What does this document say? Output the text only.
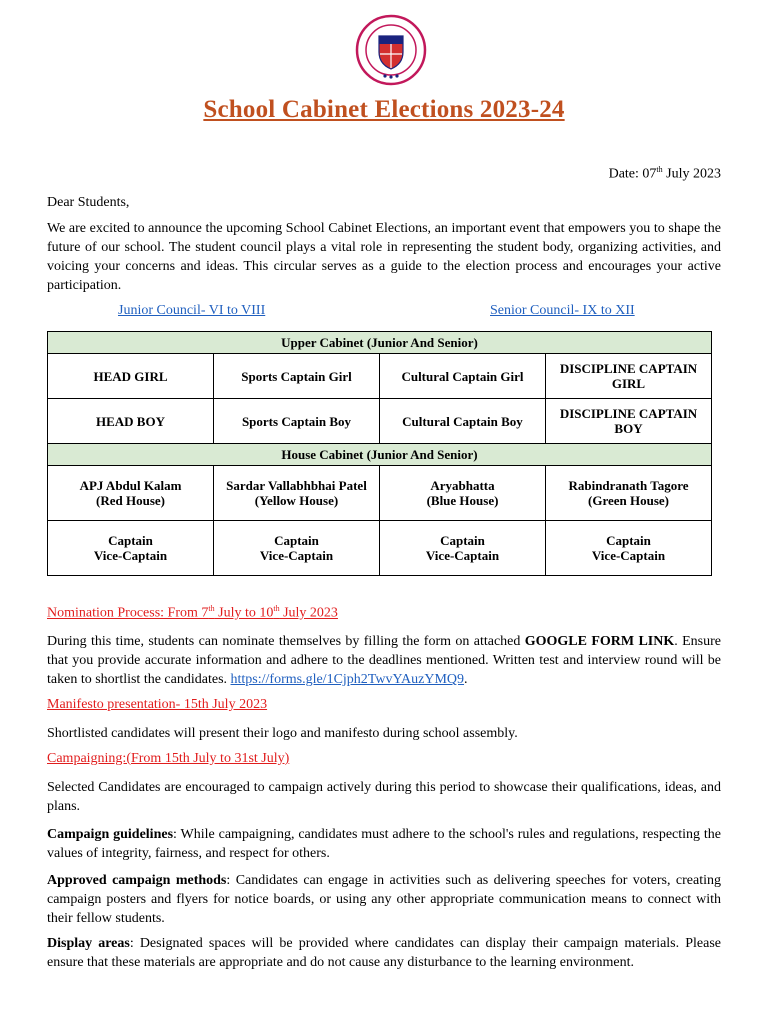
School Cabinet Elections 2023-24
Date: 07th July 2023
Dear Students,

We are excited to announce the upcoming School Cabinet Elections, an important event that empowers you to shape the future of our school. The student council plays a vital role in representing the student body, organizing activities, and voicing your concerns and ideas. This circular serves as a guide to the election process and encourages your active participation.

Junior Council- VI to VIII	Senior Council- IX to XII
Upper Cabinet (Junior And Senior)			
HEAD GIRL	Sports Captain Girl	Cultural Captain Girl	DISCIPLINE CAPTAIN GIRL
HEAD BOY	Sports Captain Boy	Cultural Captain Boy	DISCIPLINE CAPTAIN BOY
House Cabinet (Junior And Senior)			

APJ Abdul Kalam
(Red House)	Sardar Vallabhbhai Patel
(Yellow House)	Aryabhatta
(Blue House)	Rabindranath Tagore
(Green House)

Captain
Vice-Captain	Captain
Vice-Captain	Captain
Vice-Captain	Captain
Vice-Captain
Nomination Process: From 7th July to 10th July 2023

During this time, students can nominate themselves by filling the form on attached GOOGLE FORM LINK. Ensure that you provide accurate information and adhere to the deadlines mentioned. Written test and interview round will be taken to shortlist the candidates. https://forms.gle/1Cjph2TwvYAuzYMQ9.

Manifesto presentation- 15th July 2023

Shortlisted candidates will present their logo and manifesto during school assembly.

Campaigning:(From 15th July to 31st July)

Selected Candidates are encouraged to campaign actively during this period to showcase their qualifications, ideas, and plans.

Campaign guidelines: While campaigning, candidates must adhere to the school's rules and regulations, respecting the values of integrity, fairness, and respect for others.

Approved campaign methods: Candidates can engage in activities such as delivering speeches for voters, creating campaign posters and flyers for notice boards, or using any other appropriate communication means to connect with their fellow students.

Display areas: Designated spaces will be provided where candidates can display their campaign materials. Please ensure that these materials are appropriate and do not cause any disturbance to the learning environment.
